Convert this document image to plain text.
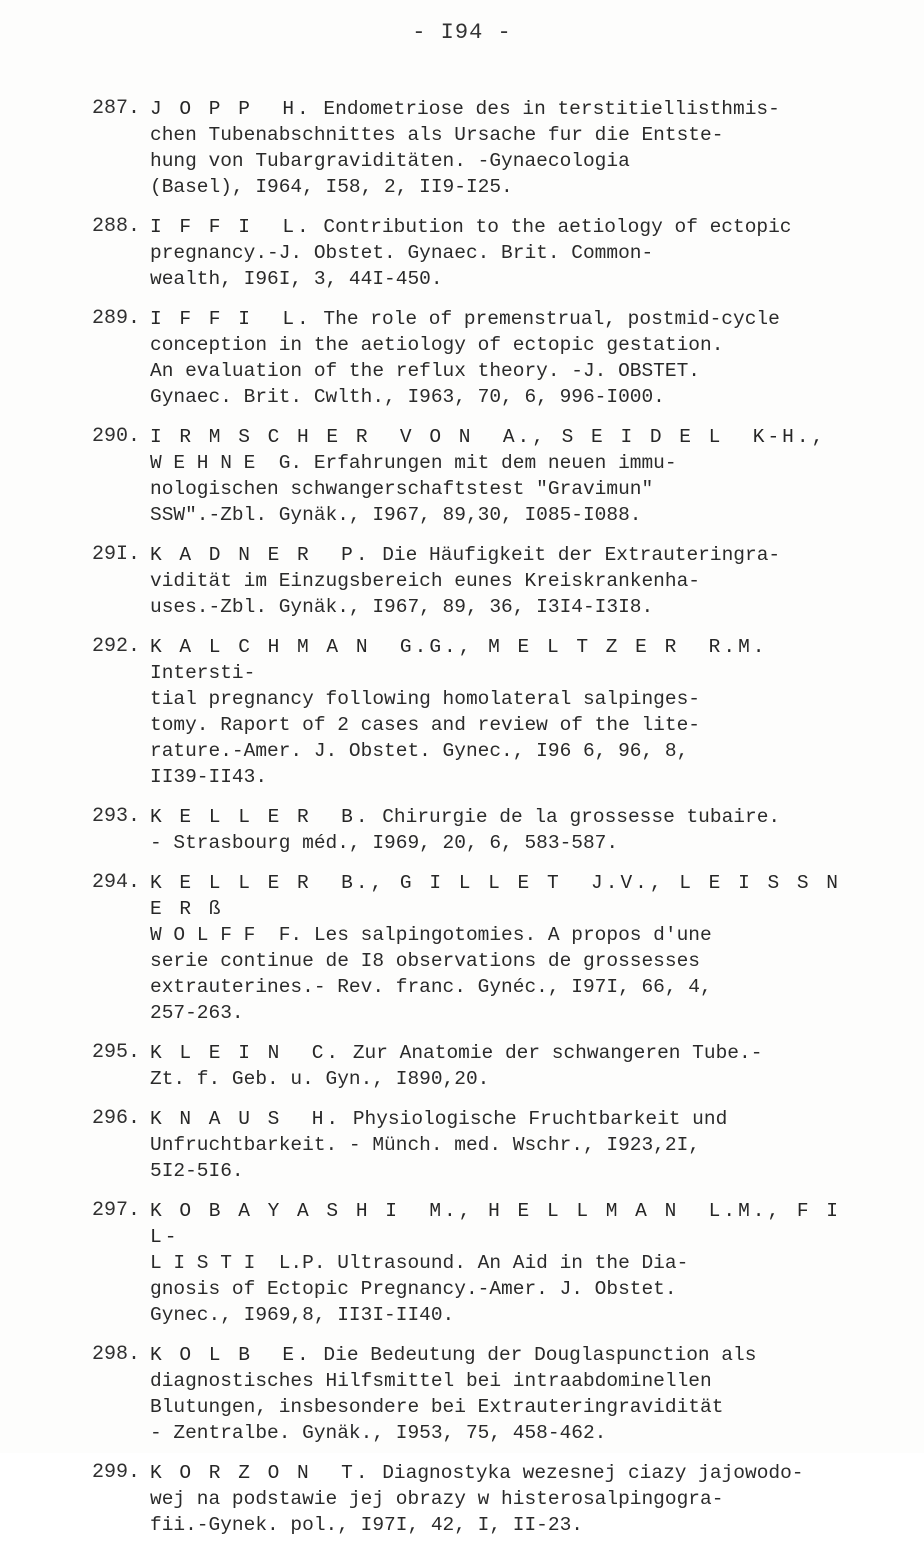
- I94 -
287. J O P P  H. Endometriose des in terstitiellisthmis-
chen Tubenabschnittes als Ursache fur die Entste-
hung von Tubargraviditäten. -Gynaecologia
(Basel), I964, I58, 2, II9-I25.
288. I F F I  L. Contribution to the aetiology of ectopic
pregnancy.-J. Obstet. Gynaec. Brit. Common-
wealth, I96I, 3, 44I-450.
289. I F F I  L. The role of premenstrual, postmid-cycle
conception in the aetiology of ectopic gestation.
An evaluation of the reflux theory. -J. OBSTET.
Gynaec. Brit. Cwlth., I963, 70, 6, 996-I000.
290. I R M S C H E R  V O N  A., S E I D E L  K-H.,
W E H N E  G. Erfahrungen mit dem neuen immu-
nologischen schwangerschaftstest "Gravimun"
SSW".-Zbl. Gynäk., I967, 89,30, I085-I088.
29I. K A D N E R  P. Die Häufigkeit der Extrauteringra-
vidität im Einzugsbereich eunes Kreiskrankenha-
uses.-Zbl. Gynäk., I967, 89, 36, I3I4-I3I8.
292. K A L C H M A N  G.G., M E L T Z E R  R.M. Intersti-
tial pregnancy following homolateral salpinges-
tomy. Raport of 2 cases and review of the lite-
rature.-Amer. J. Obstet. Gynec., I96 6, 96, 8,
II39-II43.
293. K E L L E R  B. Chirurgie de la grossesse tubaire.
- Strasbourg méd., I969, 20, 6, 583-587.
294. K E L L E R  B., G I L L E T  J.V., L E I S S N E R ß
W O L F F  F. Les salpingotomies. A propos d'une
serie continue de I8 observations de grossesses
extrauterines.- Rev. franc. Gynéc., I97I, 66, 4,
257-263.
295. K L E I N  C. Zur Anatomie der schwangeren Tube.-
Zt. f. Geb. u. Gyn., I890,20.
296. K N A U S  H. Physiologische Fruchtbarkeit und
Unfruchtbarkeit. - Münch. med. Wschr., I923,2I,
5I2-5I6.
297. K O B A Y A S H I  M., H E L L M A N  L.M., F I L-
L I S T I  L.P. Ultrasound. An Aid in the Dia-
gnosis of Ectopic Pregnancy.-Amer. J. Obstet.
Gynec., I969,8, II3I-II40.
298. K O L B  E. Die Bedeutung der Douglaspunction als
diagnostisches Hilfsmittel bei intraabdominellen
Blutungen, insbesondere bei Extrauteringravidität
- Zentralbe. Gynäk., I953, 75, 458-462.
299. K O R Z O N  T. Diagnostyka wezesnej ciazy jajowodo-
wej na podstawie jej obrazy w histerosalpingogra-
fii.-Gynek. pol., I97I, 42, I, II-23.
